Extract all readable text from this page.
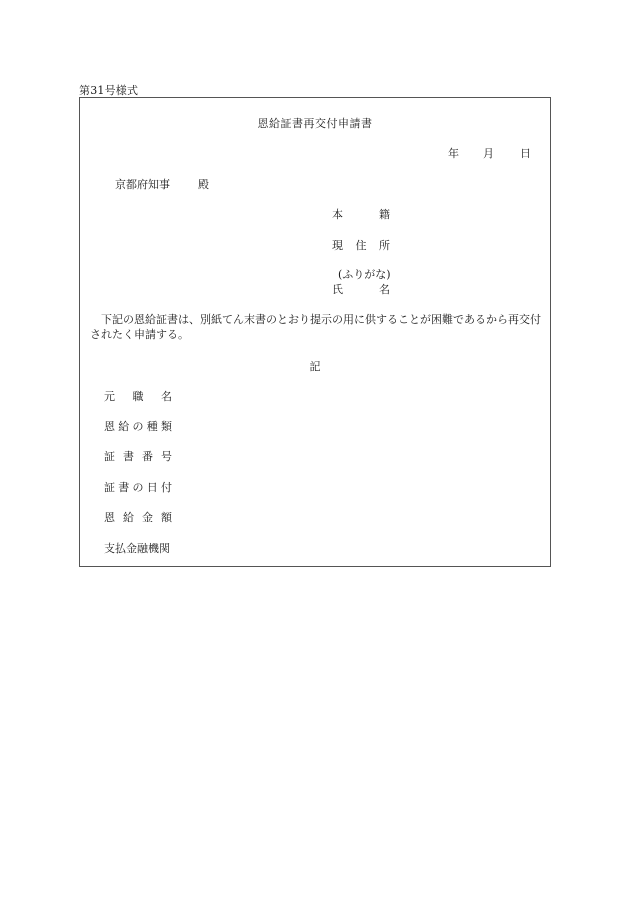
第31号様式
恩給証書再交付申請書
年 月 日
京都府知事	殿
本	籍
現 住 所
(ふりがな)
氏	名
下記の恩給証書は、別紙てん末書のとおり提示の用に供することが困難であるから再交付されたく申請する。
記
元 職 名
恩 給 の 種 類
証 書 番 号
証 書 の 日 付
恩 給 金 額
支払金融機関
